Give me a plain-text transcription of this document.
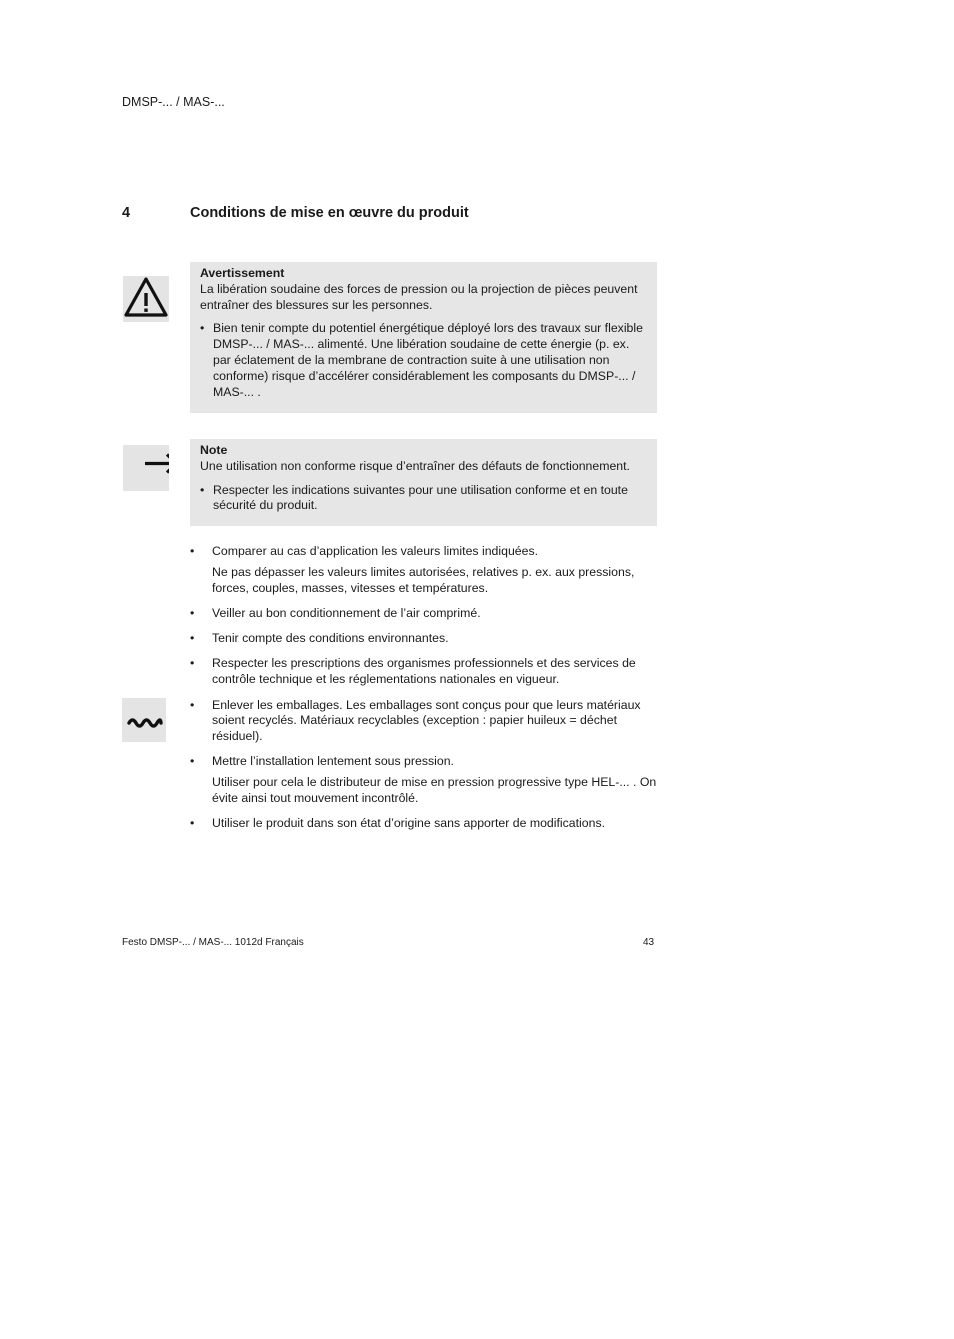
DMSP-... / MAS-...
4	Conditions de mise en œuvre du produit
Avertissement
La libération soudaine des forces de pression ou la projection de pièces peuvent entraîner des blessures sur les personnes.
• Bien tenir compte du potentiel énergétique déployé lors des travaux sur flexible DMSP-... / MAS-... alimenté. Une libération soudaine de cette énergie (p. ex. par éclatement de la membrane de contraction suite à une utilisation non conforme) risque d’accélérer considérablement les composants du DMSP-... / MAS-... .
Note
Une utilisation non conforme risque d’entraîner des défauts de fonctionnement.
• Respecter les indications suivantes pour une utilisation conforme et en toute sécurité du produit.
• Comparer au cas d’application les valeurs limites indiquées.
Ne pas dépasser les valeurs limites autorisées, relatives p. ex. aux pressions, forces, couples, masses, vitesses et températures.
• Veiller au bon conditionnement de l’air comprimé.
• Tenir compte des conditions environnantes.
• Respecter les prescriptions des organismes professionnels et des services de contrôle technique et les réglementations nationales en vigueur.
• Enlever les emballages. Les emballages sont conçus pour que leurs matériaux soient recyclés. Matériaux recyclables (exception : papier huileux = déchet résiduel).
• Mettre l’installation lentement sous pression.
Utiliser pour cela le distributeur de mise en pression progressive type HEL-... . On évite ainsi tout mouvement incontrôlé.
• Utiliser le produit dans son état d’origine sans apporter de modifications.
Festo DMSP-... / MAS-... 1012d Français	43
